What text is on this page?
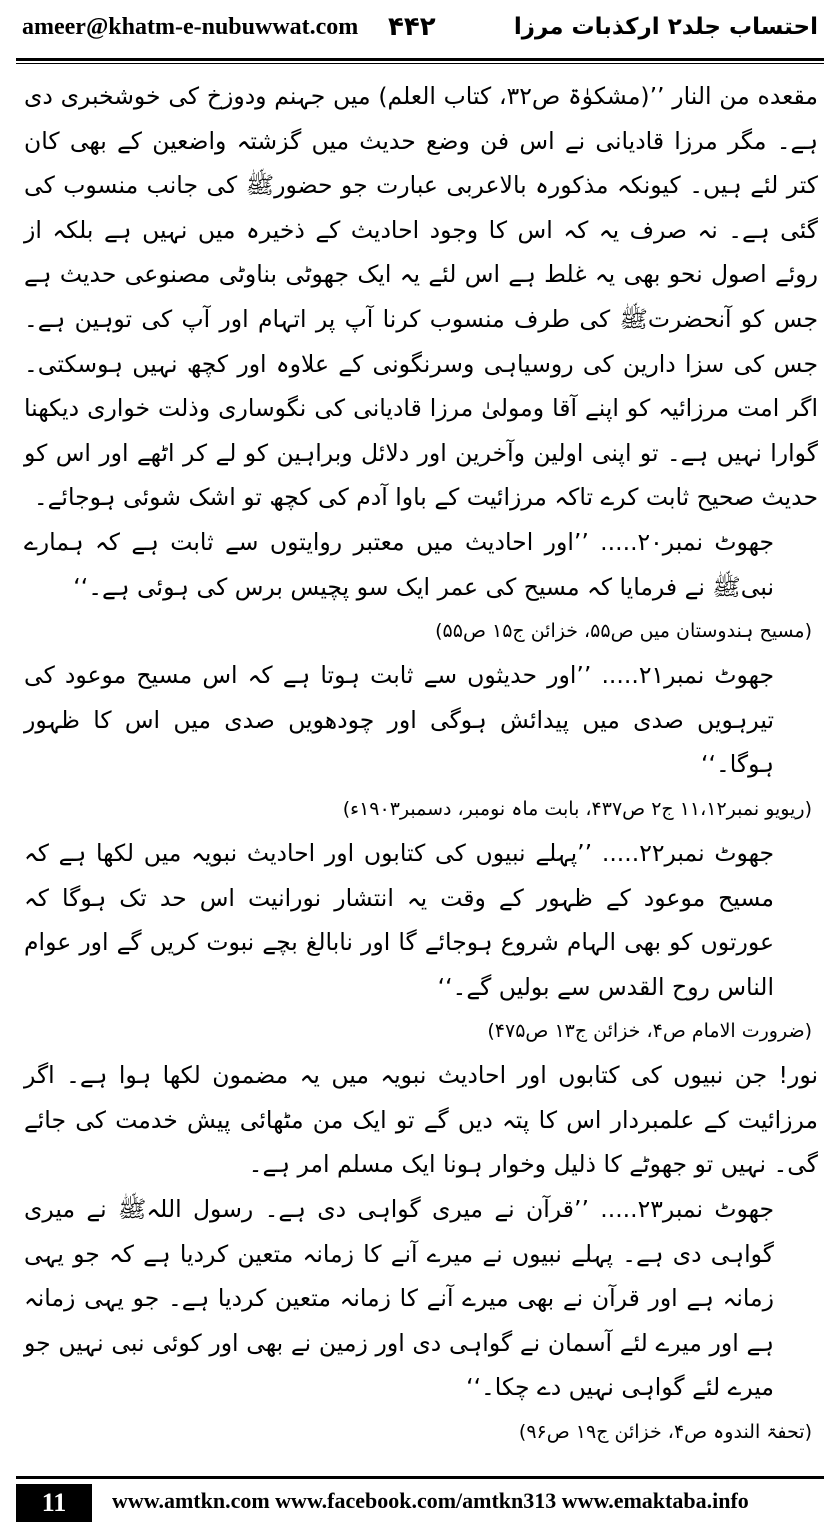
ameer@khatm-e-nubuwwat.com ۴۴۲	احتساب جلد۲ ارکذبات مرزا

مقعده من النار ’’(مشکوٰۃ ص۳۲، کتاب العلم) میں جہنم ودوزخ کی خوشخبری دی ہے۔ مگر مرزا قادیانی نے اس فن وضع حدیث میں گزشتہ واضعین کے بھی کان کتر لئے ہیں۔ کیونکہ مذکورہ بالاعربی عبارت جو حضورﷺ کی جانب منسوب کی گئی ہے۔ نہ صرف یہ کہ اس کا وجود احادیث کے ذخیرہ میں نہیں ہے بلکہ از روئے اصول نحو بھی یہ غلط ہے اس لئے یہ ایک جھوٹی بناوٹی مصنوعی حدیث ہے جس کو آنحضرتﷺ کی طرف منسوب کرنا آپ پر اتہام اور آپ کی توہین ہے۔ جس کی سزا دارین کی روسیاہی وسرنگونی کے علاوہ اور کچھ نہیں ہوسکتی۔ اگر امت مرزائیہ کو اپنے آقا ومولیٰ مرزا قادیانی کی نگوساری وذلت خواری دیکھنا گوارا نہیں ہے۔ تو اپنی اولین وآخرین اور دلائل وبراہین کو لے کر اٹھے اور اس کو حدیث صحیح ثابت کرے تاکہ مرزائیت کے باوا آدم کی کچھ تو اشک شوئی ہوجائے۔

جھوٹ نمبر۲۰..... ’’اور احادیث میں معتبر روایتوں سے ثابت ہے کہ ہمارے نبیﷺ نے فرمایا کہ مسیح کی عمر ایک سو پچیس برس کی ہوئی ہے۔‘‘

(مسیح ہندوستان میں ص۵۵، خزائن ج۱۵ ص۵۵)

جھوٹ نمبر۲۱..... ’’اور حدیثوں سے ثابت ہوتا ہے کہ اس مسیح موعود کی تیرہویں صدی میں پیدائش ہوگی اور چودھویں صدی میں اس کا ظہور ہوگا۔‘‘

(ریویو نمبر۱۱،۱۲ ج۲ ص۴۳۷، بابت ماہ نومبر، دسمبر۱۹۰۳ء)

جھوٹ نمبر۲۲..... ’’پہلے نبیوں کی کتابوں اور احادیث نبویہ میں لکھا ہے کہ مسیح موعود کے ظہور کے وقت یہ انتشار نورانیت اس حد تک ہوگا کہ عورتوں کو بھی الہام شروع ہوجائے گا اور نابالغ بچے نبوت کریں گے اور عوام الناس روح القدس سے بولیں گے۔‘‘

(ضرورت الامام ص۴، خزائن ج۱۳ ص۴۷۵)

نور! جن نبیوں کی کتابوں اور احادیث نبویہ میں یہ مضمون لکھا ہوا ہے۔ اگر مرزائیت کے علمبردار اس کا پتہ دیں گے تو ایک من مٹھائی پیش خدمت کی جائے گی۔ نہیں تو جھوٹے کا ذلیل وخوار ہونا ایک مسلم امر ہے۔

جھوٹ نمبر۲۳..... ’’قرآن نے میری گواہی دی ہے۔ رسول اللہﷺ نے میری گواہی دی ہے۔ پہلے نبیوں نے میرے آنے کا زمانہ متعین کردیا ہے کہ جو یہی زمانہ ہے اور قرآن نے بھی میرے آنے کا زمانہ متعین کردیا ہے۔ جو یہی زمانہ ہے اور میرے لئے آسمان نے گواہی دی اور زمین نے بھی اور کوئی نبی نہیں جو میرے لئے گواہی نہیں دے چکا۔‘‘

(تحفۃ الندوہ ص۴، خزائن ج۱۹ ص۹۶)

11	www.amtkn.com www.facebook.com/amtkn313 www.emaktaba.info
